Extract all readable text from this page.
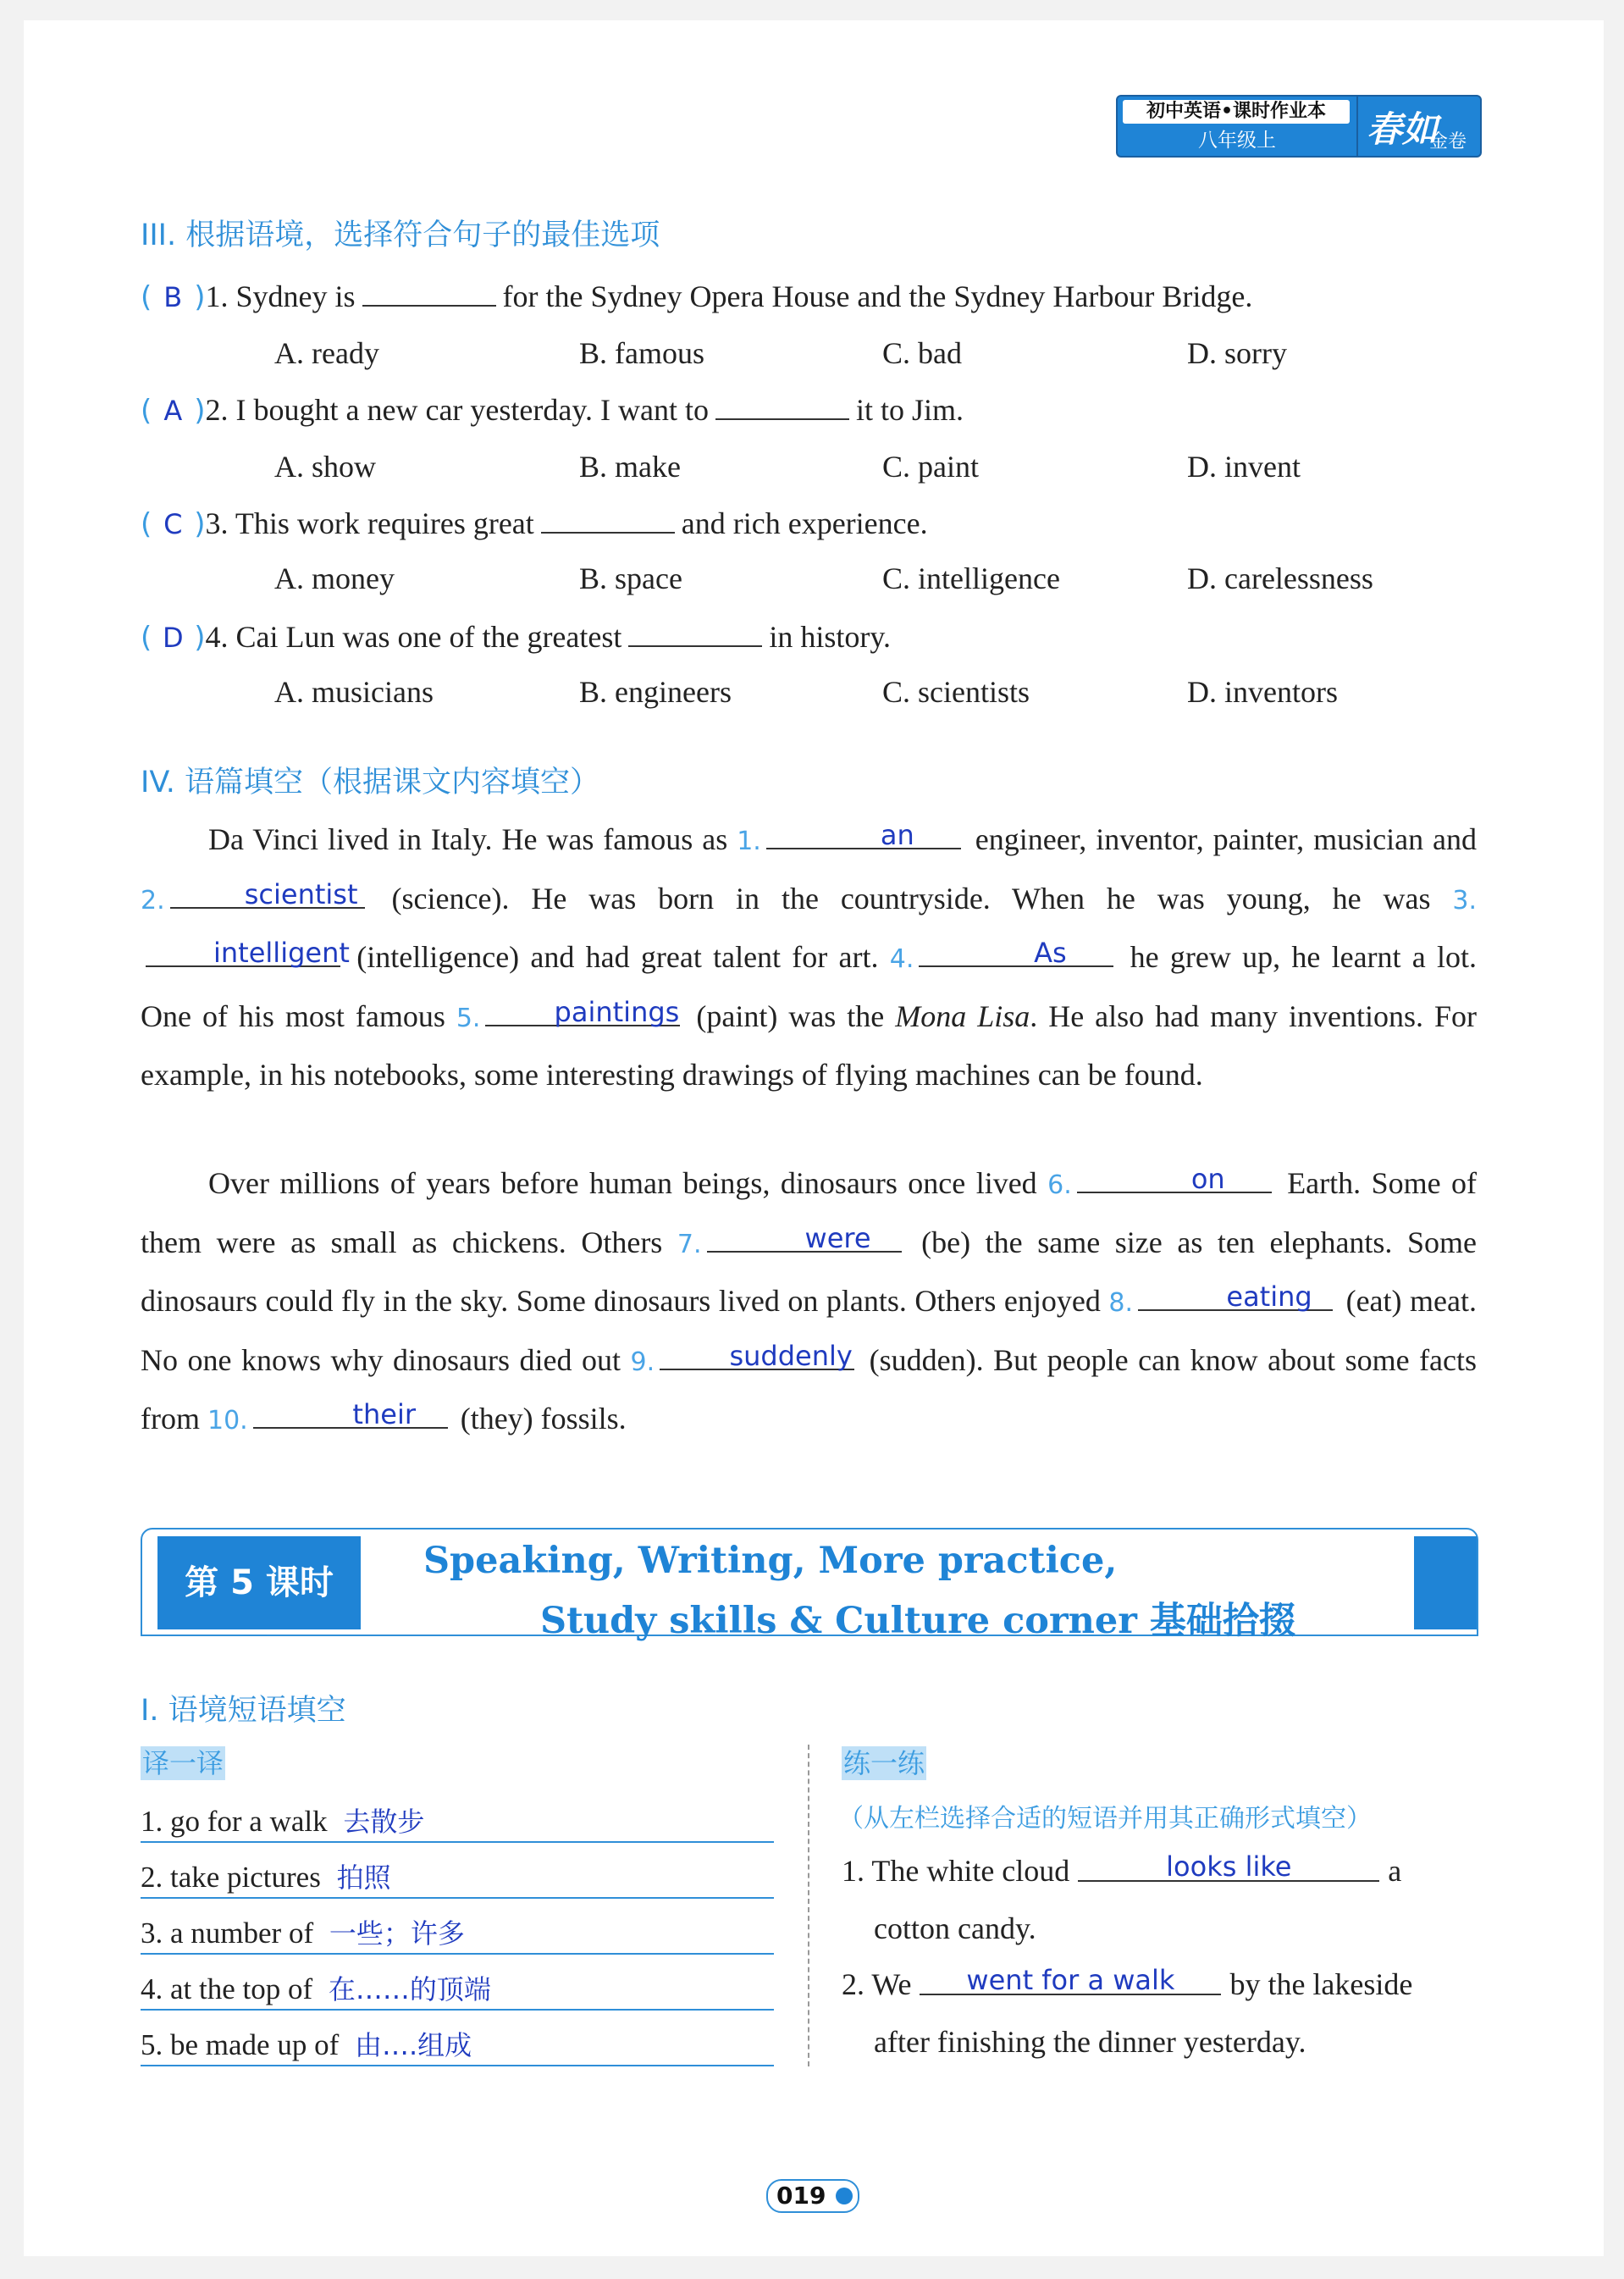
初中英语•课时作业本
八年级上	春如
金卷
III. 根据语境，选择符合句子的最佳选项
( B )1. Sydney is	for the Sydney Opera House and the Sydney Harbour Bridge.
A. ready	B. famous	C. bad	D. sorry
( A )2. I bought a new car yesterday. I want to	it to Jim.
A. show	B. make	C. paint	D. invent
( C )3. This work requires great	and rich experience.
A. money	B. space	C. intelligence	D. carelessness
( D )4. Cai Lun was one of the greatest	in history.
A. musicians	B. engineers	C. scientists	D. inventors
IV. 语篇填空（根据课文内容填空）
Da Vinci lived in Italy. He was famous as 1.	an engineer, inventor, painter, musician and 2.	scientist (science). He was born in the countryside. When he was young, he was 3.intelligent (intelligence) and had great talent for art. 4.	As he grew up, he learnt a lot. One of his most famous 5.	paintings (paint) was the Mona Lisa. He also had many inventions. For example, in his notebooks, some interesting drawings of flying machines can be found.
Over millions of years before human beings, dinosaurs once lived 6.	on Earth. Some of them were as small as chickens. Others 7.	were (be) the same size as ten elephants. Some dinosaurs could fly in the sky. Some dinosaurs lived on plants. Others enjoyed 8.	eating (eat) meat. No one knows why dinosaurs died out 9.	suddenly (sudden). But people can know about some facts from 10.	their (they) fossils.
第 5 课时
Speaking, Writing, More practice,
Study skills & Culture corner 基础拾掇
I. 语境短语填空
译一译	练一练
1. go for a walk 去散步
2. take pictures 拍照
3. a number of 一些；许多
4. at the top of 在……的顶端
5. be made up of 由….组成
（从左栏选择合适的短语并用其正确形式填空）
1. The white cloud	looks like	a
cotton candy.
2. We went for a walk by the lakeside
after finishing the dinner yesterday.
019
